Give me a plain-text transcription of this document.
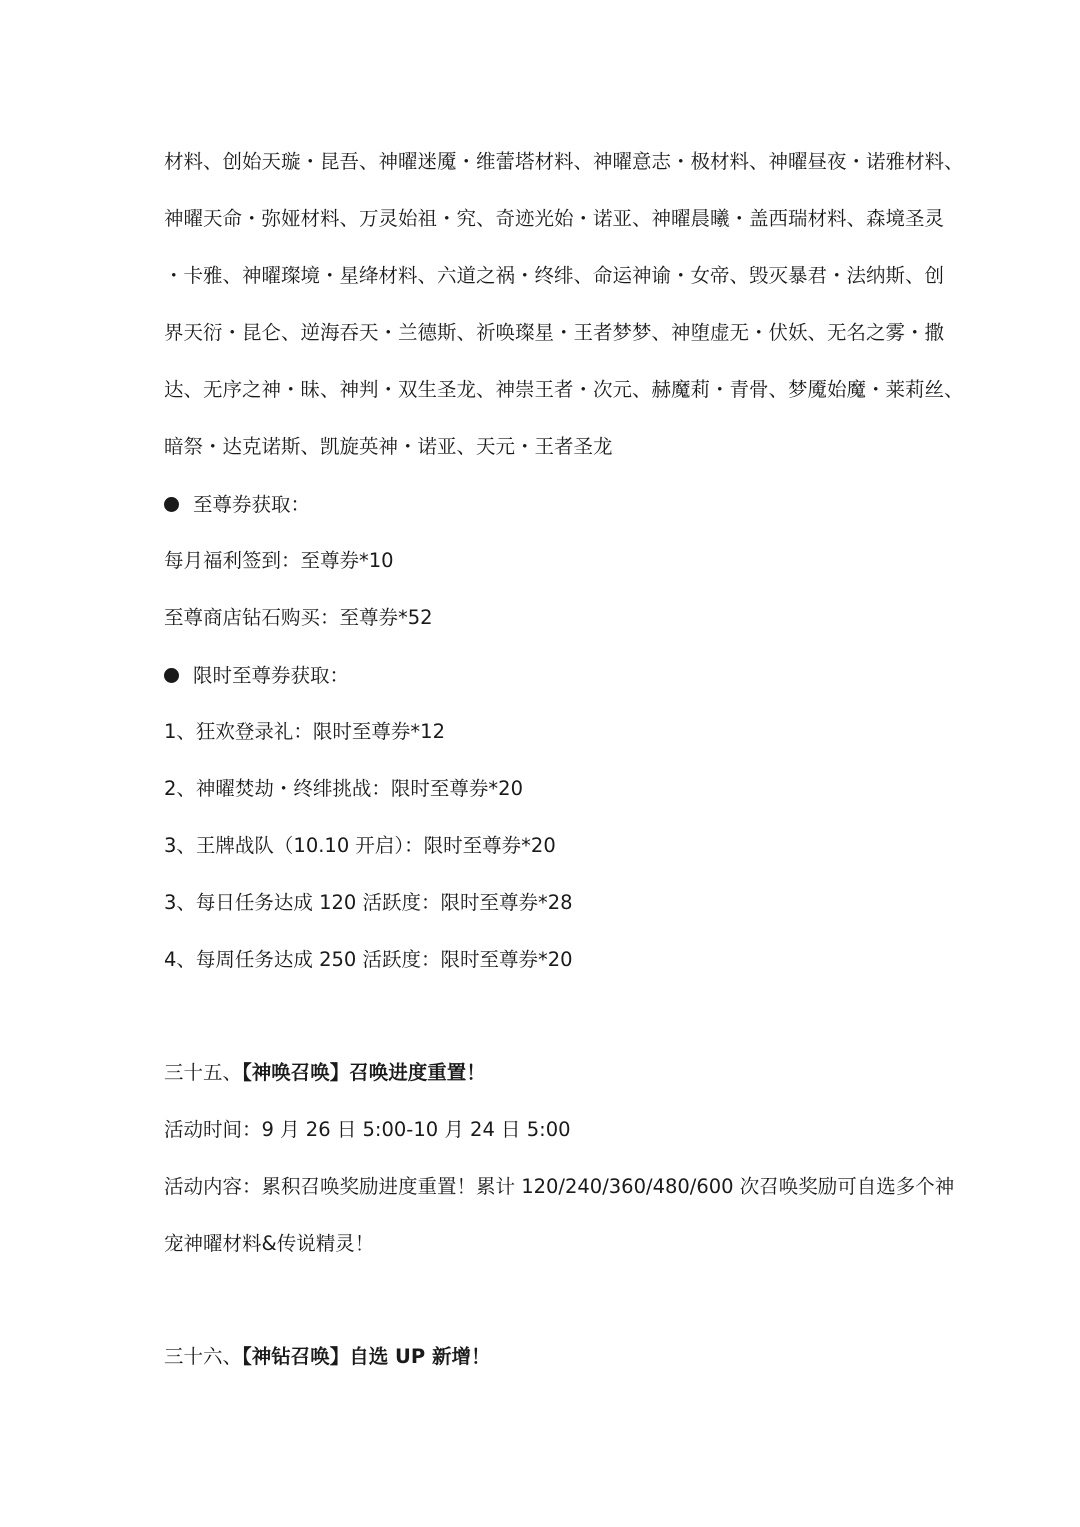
材料、创始天璇・昆吾、神曜迷魇・维蕾塔材料、神曜意志・极材料、神曜昼夜・诺雅材料、
神曜天命・弥娅材料、万灵始祖・究、奇迹光始・诺亚、神曜晨曦・盖西瑞材料、森境圣灵
・卡雅、神曜璨境・星绛材料、六道之祸・终绯、命运神谕・女帝、毁灭暴君・法纳斯、创
界天衍・昆仑、逆海吞天・兰德斯、祈唤璨星・王者梦梦、神堕虚无・伏妖、无名之雾・撒
达、无序之神・昧、神判・双生圣龙、神崇王者・次元、赫魔莉・青骨、梦魇始魔・莱莉丝、
暗祭・达克诺斯、凯旋英神・诺亚、天元・王者圣龙
至尊券获取：
每月福利签到：至尊券*10
至尊商店钻石购买：至尊券*52
限时至尊券获取：
1、狂欢登录礼：限时至尊券*12
2、神曜焚劫・终绯挑战：限时至尊券*20
3、王牌战队（10.10 开启）：限时至尊券*20
3、每日任务达成 120 活跃度：限时至尊券*28
4、每周任务达成 250 活跃度：限时至尊券*20
三十五、【神唤召唤】召唤进度重置！
活动时间：9 月 26 日 5:00-10 月 24 日 5:00
活动内容：累积召唤奖励进度重置！累计 120/240/360/480/600 次召唤奖励可自选多个神
宠神曜材料&传说精灵！
三十六、【神钻召唤】自选 UP 新增！
